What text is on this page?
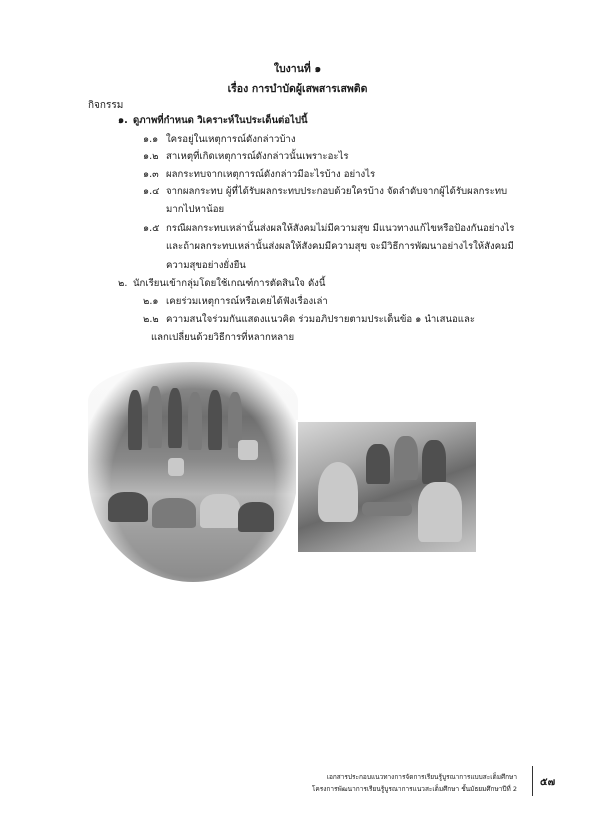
ใบงานที่ ๑
เรื่อง การบำบัดผู้เสพสารเสพติด
กิจกรรม
๑. ดูภาพที่กำหนด วิเคราะห์ในประเด็นต่อไปนี้
๑.๑ ใครอยู่ในเหตุการณ์ดังกล่าวบ้าง
๑.๒ สาเหตุที่เกิดเหตุการณ์ดังกล่าวนั้นเพราะอะไร
๑.๓ ผลกระทบจากเหตุการณ์ดังกล่าวมีอะไรบ้าง อย่างไร
๑.๔ จากผลกระทบ ผู้ที่ได้รับผลกระทบประกอบด้วยใครบ้าง จัดลำดับจากผู้ได้รับผลกระทบ
มากไปหาน้อย
๑.๕ กรณีผลกระทบเหล่านั้นส่งผลให้สังคมไม่มีความสุข มีแนวทางแก้ไขหรือป้องกันอย่างไร
และถ้าผลกระทบเหล่านั้นส่งผลให้สังคมมีความสุข จะมีวิธีการพัฒนาอย่างไรให้สังคมมี
ความสุขอย่างยั่งยืน
๒. นักเรียนเข้ากลุ่มโดยใช้เกณฑ์การตัดสินใจ ดังนี้
๒.๑ เคยร่วมเหตุการณ์หรือเคยได้ฟังเรื่องเล่า
๒.๒ ความสนใจร่วมกันแสดงแนวคิด ร่วมอภิปรายตามประเด็นข้อ ๑ นำเสนอและ
แลกเปลี่ยนด้วยวิธีการที่หลากหลาย
เอกสารประกอบแนวทางการจัดการเรียนรู้บูรณาการแบบสะเต็มศึกษา
โครงการพัฒนาการเรียนรู้บูรณาการแนวสะเต็มศึกษา ชั้นมัธยมศึกษาปีที่ 2
๕๗
